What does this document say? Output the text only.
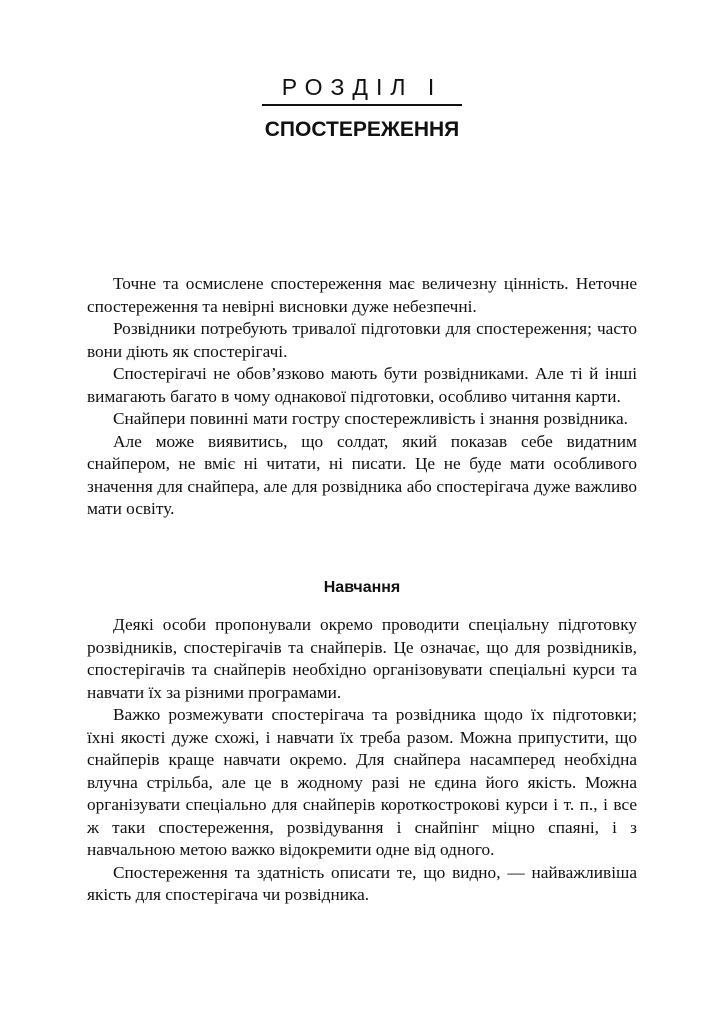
РОЗДІЛ І
СПОСТЕРЕЖЕННЯ

Точне та осмислене спостереження має величезну цінність. Неточне спостереження та невірні висновки дуже небезпечні.

Розвідники потребують тривалої підготовки для спостереження; часто вони діють як спостерігачі.

Спостерігачі не обов’язково мають бути розвідниками. Але ті й інші вимагають багато в чому однакової підготовки, особливо читання карти.

Снайпери повинні мати гостру спостережливість і знання розвідника.

Але може виявитись, що солдат, який показав себе видатним снайпером, не вміє ні читати, ні писати. Це не буде мати особливого значення для снайпера, але для розвідника або спостерігача дуже важливо мати освіту.

Навчання

Деякі особи пропонували окремо проводити спеціальну підготовку розвідників, спостерігачів та снайперів. Це означає, що для розвідників, спостерігачів та снайперів необхідно організовувати спеціальні курси та навчати їх за різними програмами.

Важко розмежувати спостерігача та розвідника щодо їх підготовки; їхні якості дуже схожі, і навчати їх треба разом. Можна припустити, що снайперів краще навчати окремо. Для снайпера насамперед необхідна влучна стрільба, але це в жодному разі не єдина його якість. Можна організувати спеціально для снайперів короткострокові курси і т. п., і все ж таки спостереження, розвідування і снайпінг міцно спаяні, і з навчальною метою важко відокремити одне від одного.

Спостереження та здатність описати те, що видно, — найважливіша якість для спостерігача чи розвідника.
